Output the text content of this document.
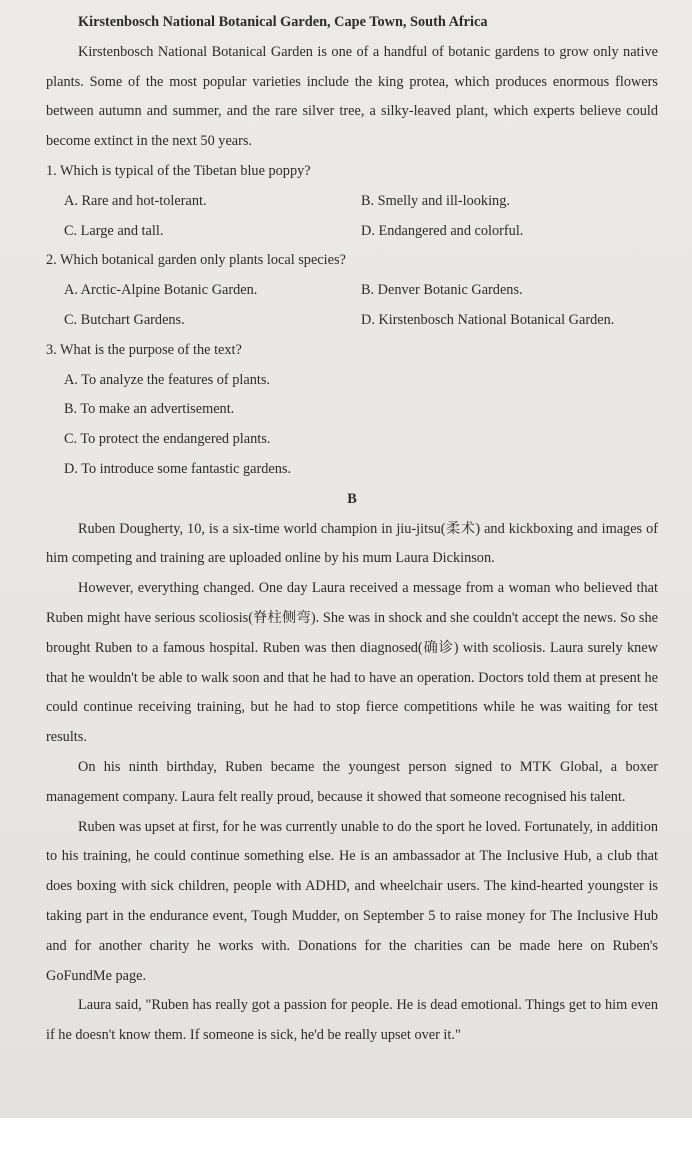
Kirstenbosch National Botanical Garden, Cape Town, South Africa

Kirstenbosch National Botanical Garden is one of a handful of botanic gardens to grow only native plants. Some of the most popular varieties include the king protea, which produces enormous flowers between autumn and summer, and the rare silver tree, a silky-leaved plant, which experts believe could become extinct in the next 50 years.

1. Which is typical of the Tibetan blue poppy?

A. Rare and hot-tolerant.	B. Smelly and ill-looking.
C. Large and tall.	D. Endangered and colorful.

2. Which botanical garden only plants local species?

A. Arctic-Alpine Botanic Garden.	B. Denver Botanic Gardens.
C. Butchart Gardens.	D. Kirstenbosch National Botanical Garden.

3. What is the purpose of the text?

A. To analyze the features of plants.
B. To make an advertisement.
C. To protect the endangered plants.
D. To introduce some fantastic gardens.

B

Ruben Dougherty, 10, is a six-time world champion in jiu-jitsu(柔术) and kickboxing and images of him competing and training are uploaded online by his mum Laura Dickinson.

However, everything changed. One day Laura received a message from a woman who believed that Ruben might have serious scoliosis(脊柱侧弯). She was in shock and she couldn't accept the news. So she brought Ruben to a famous hospital. Ruben was then diagnosed(确诊) with scoliosis. Laura surely knew that he wouldn't be able to walk soon and that he had to have an operation. Doctors told them at present he could continue receiving training, but he had to stop fierce competitions while he was waiting for test results.

On his ninth birthday, Ruben became the youngest person signed to MTK Global, a boxer management company. Laura felt really proud, because it showed that someone recognised his talent.

Ruben was upset at first, for he was currently unable to do the sport he loved. Fortunately, in addition to his training, he could continue something else. He is an ambassador at The Inclusive Hub, a club that does boxing with sick children, people with ADHD, and wheelchair users. The kind-hearted youngster is taking part in the endurance event, Tough Mudder, on September 5 to raise money for The Inclusive Hub and for another charity he works with. Donations for the charities can be made here on Ruben's GoFundMe page.

Laura said, "Ruben has really got a passion for people. He is dead emotional. Things get to him even if he doesn't know them. If someone is sick, he'd be really upset over it."
